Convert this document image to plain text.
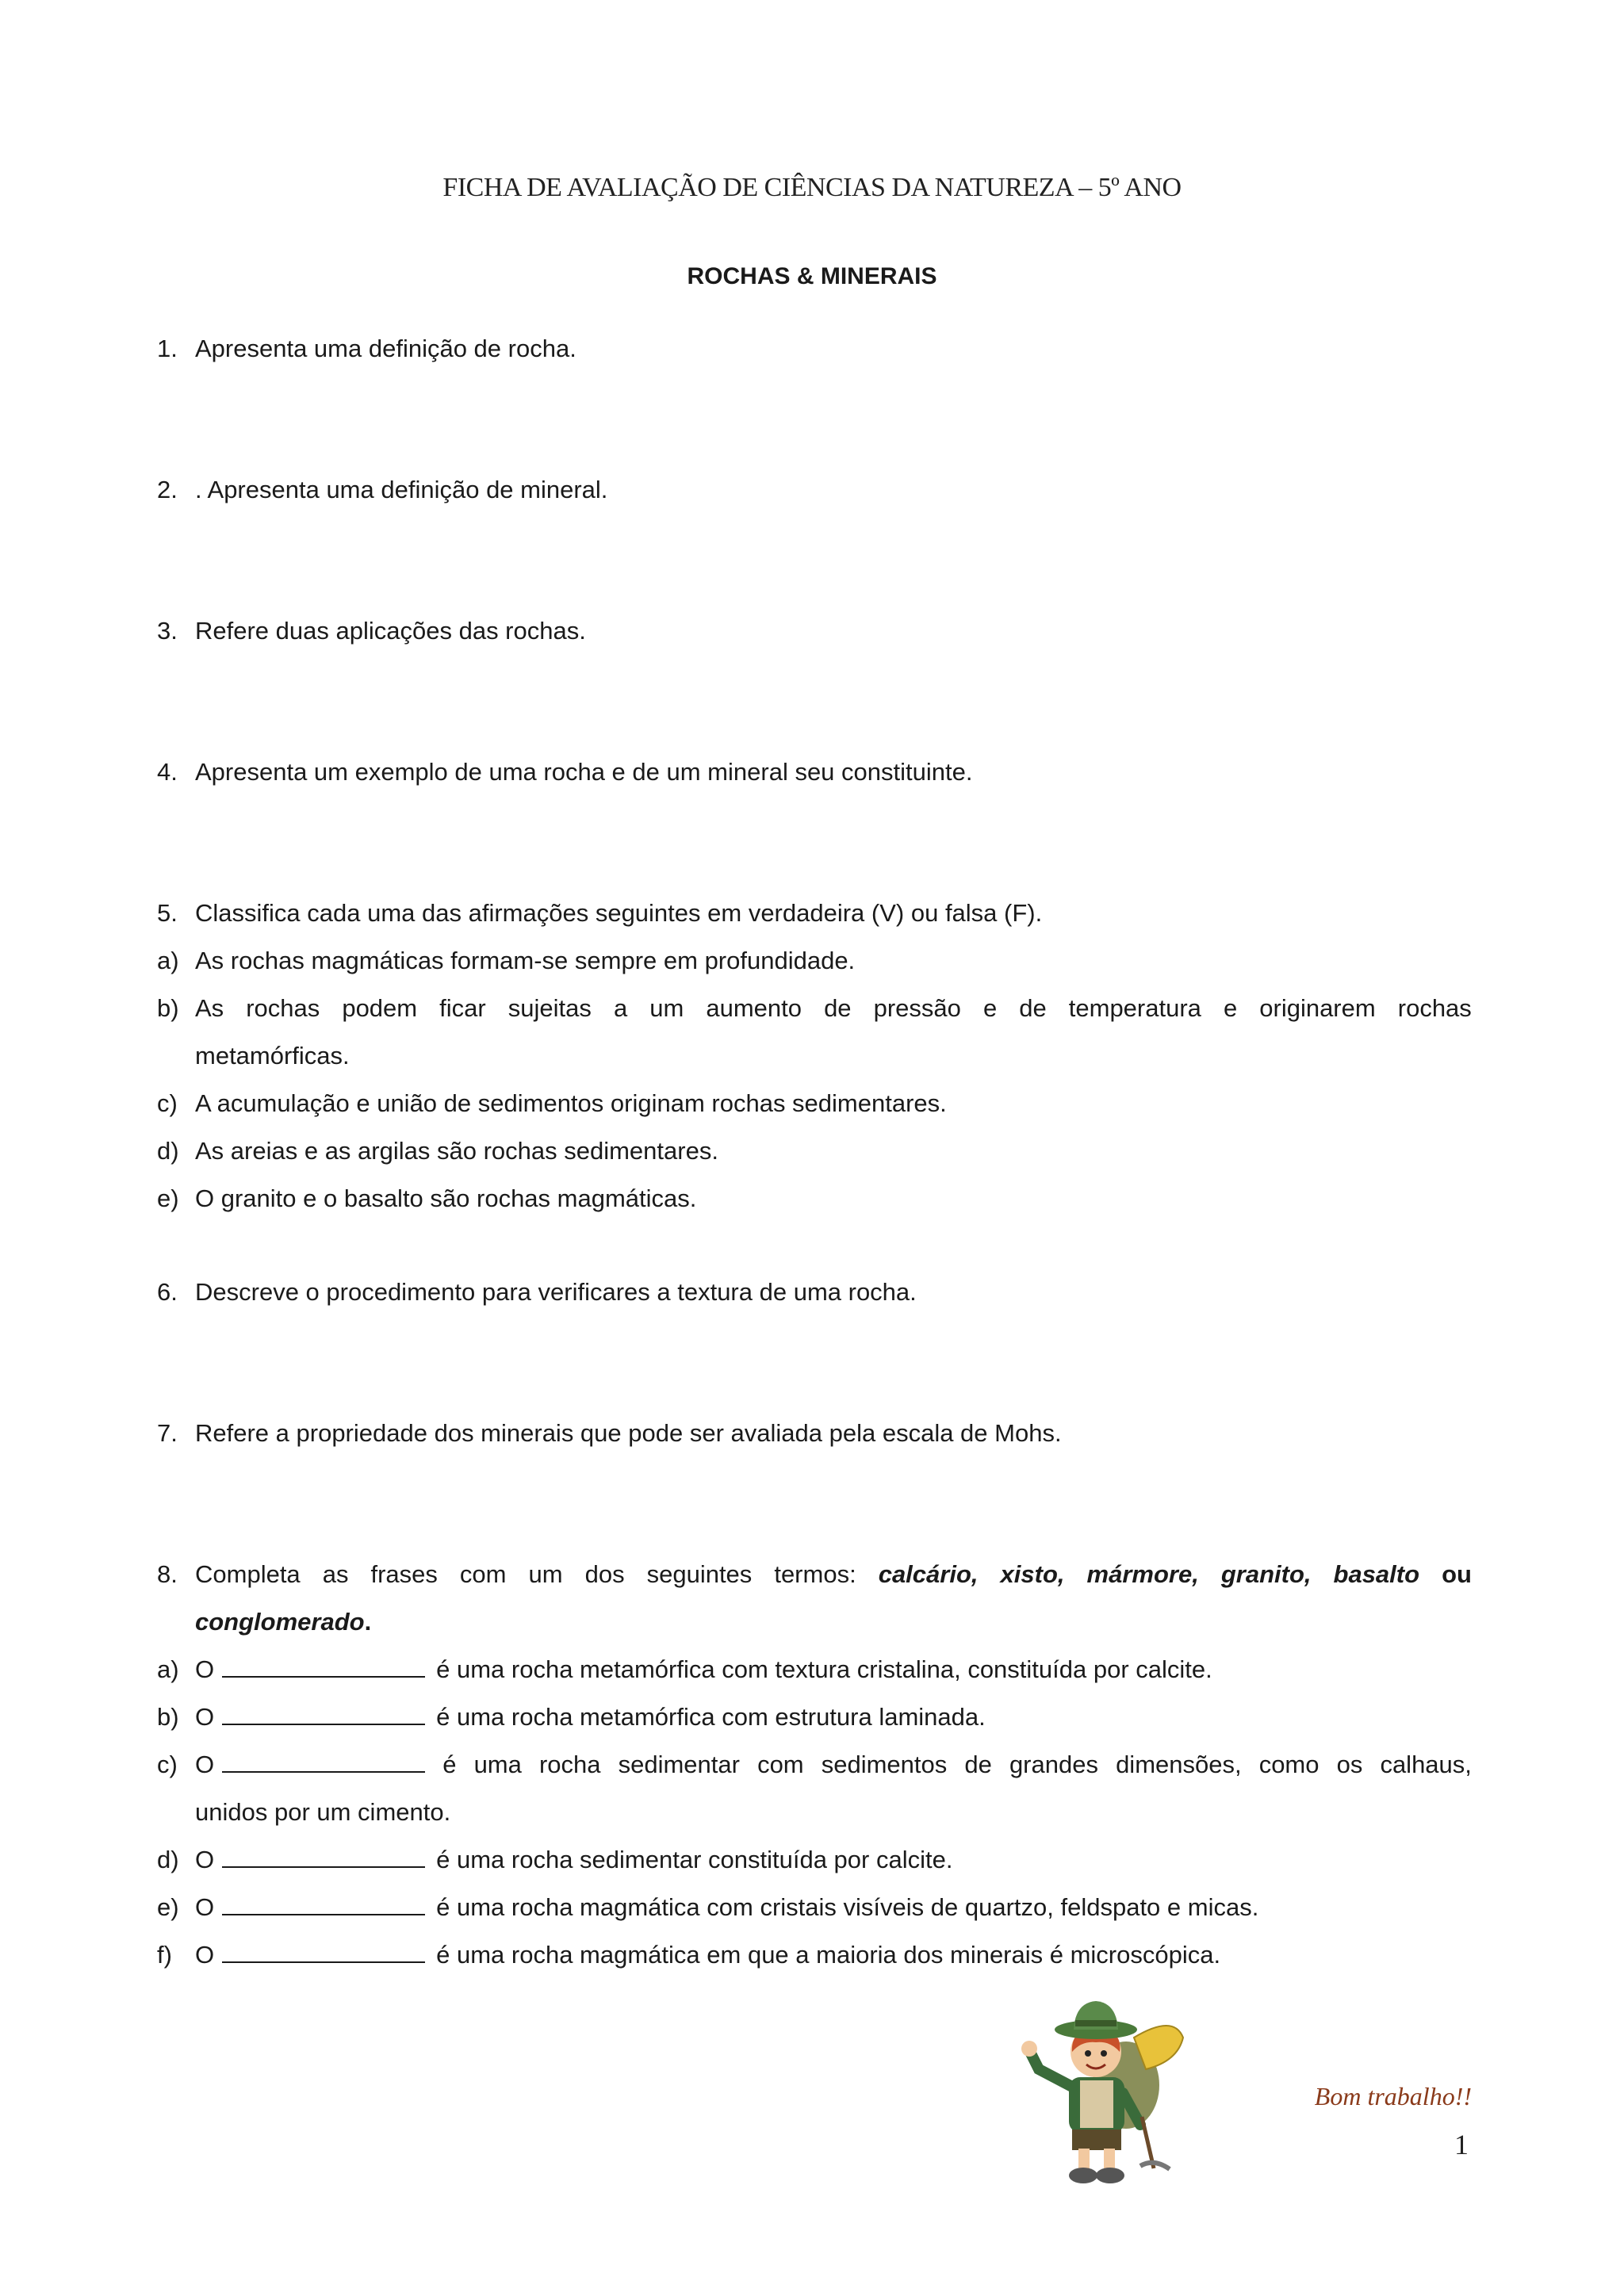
FICHA DE AVALIAÇÃO DE CIÊNCIAS DA NATUREZA – 5º ANO
ROCHAS & MINERAIS
1. Apresenta uma definição de rocha.
2. . Apresenta uma definição de mineral.
3. Refere duas aplicações das rochas.
4. Apresenta um exemplo de uma rocha e de um mineral seu constituinte.
5. Classifica cada uma das afirmações seguintes em verdadeira (V) ou falsa (F).
a) As rochas magmáticas formam-se sempre em profundidade.
b) As rochas podem ficar sujeitas a um aumento de pressão e de temperatura e originarem rochas
metamórficas.
c) A acumulação e união de sedimentos originam rochas sedimentares.
d) As areias e as argilas são rochas sedimentares.
e) O granito e o basalto são rochas magmáticas.
6. Descreve o procedimento para verificares a textura de uma rocha.
7. Refere a propriedade dos minerais que pode ser avaliada pela escala de Mohs.
8. Completa as frases com um dos seguintes termos: calcário, xisto, mármore, granito, basalto ou
conglomerado.
a) O	é uma rocha metamórfica com textura cristalina, constituída por calcite.
b) O	é uma rocha metamórfica com estrutura laminada.
c) O	é uma rocha sedimentar com sedimentos de grandes dimensões, como os calhaus,
unidos por um cimento.
d) O	é uma rocha sedimentar constituída por calcite.
e) O	é uma rocha magmática com cristais visíveis de quartzo, feldspato e micas.
f) O	é uma rocha magmática em que a maioria dos minerais é microscópica.
Bom trabalho!!
1
